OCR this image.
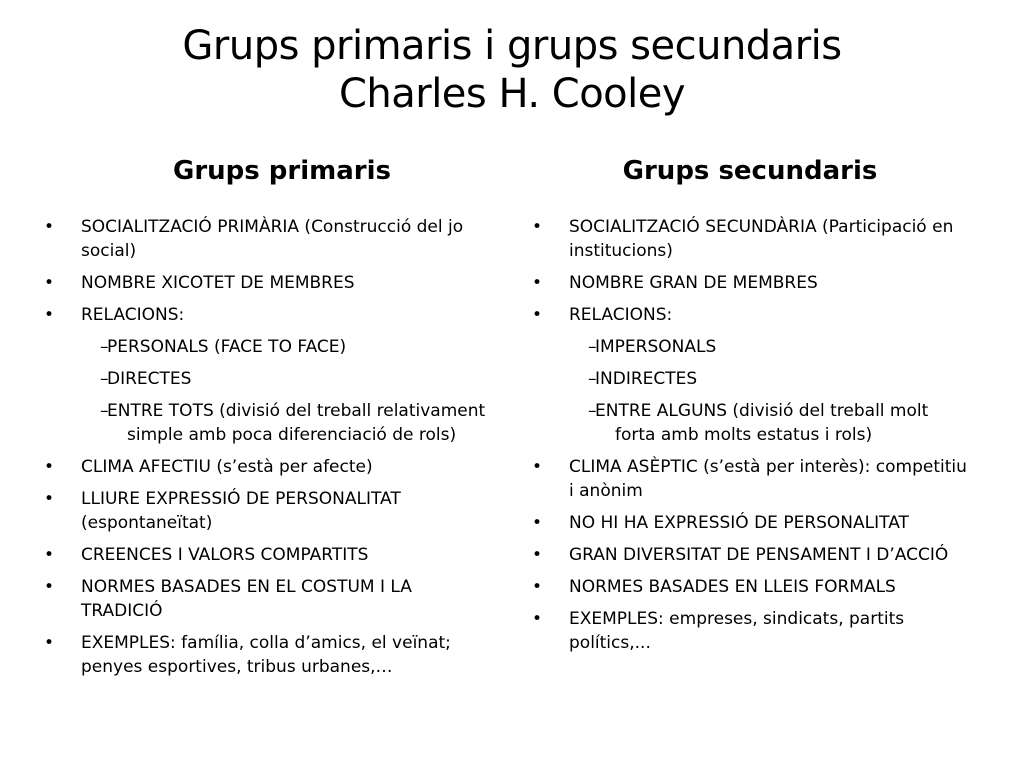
Grups primaris i grups secundaris
Charles H. Cooley
Grups primaris	Grups secundaris
• SOCIALITZACIÓ PRIMÀRIA (Construcció del jo social)
• NOMBRE XICOTET DE MEMBRES
• RELACIONS:
–
PERSONALS (FACE TO FACE)
–
DIRECTES
–
ENTRE TOTS (divisió del treball relativament simple amb poca diferenciació de rols)
• CLIMA AFECTIU (s’està per afecte)
• LLIURE EXPRESSIÓ DE PERSONALITAT (espontaneïtat)
• CREENCES I VALORS COMPARTITS
• NORMES BASADES EN EL COSTUM I LA TRADICIÓ
• EXEMPLES: família, colla d’amics, el veïnat; penyes esportives, tribus urbanes,…
• SOCIALITZACIÓ SECUNDÀRIA (Participació en institucions)
• NOMBRE GRAN DE MEMBRES
• RELACIONS:
–
IMPERSONALS
–
INDIRECTES
–
ENTRE ALGUNS (divisió del treball molt forta amb molts estatus i rols)
• CLIMA ASÈPTIC (s’està per interès): competitiu i anònim
• NO HI HA EXPRESSIÓ DE PERSONALITAT
• GRAN DIVERSITAT DE PENSAMENT I D’ACCIÓ
• NORMES BASADES EN LLEIS FORMALS
• EXEMPLES: empreses, sindicats, partits polítics,...
